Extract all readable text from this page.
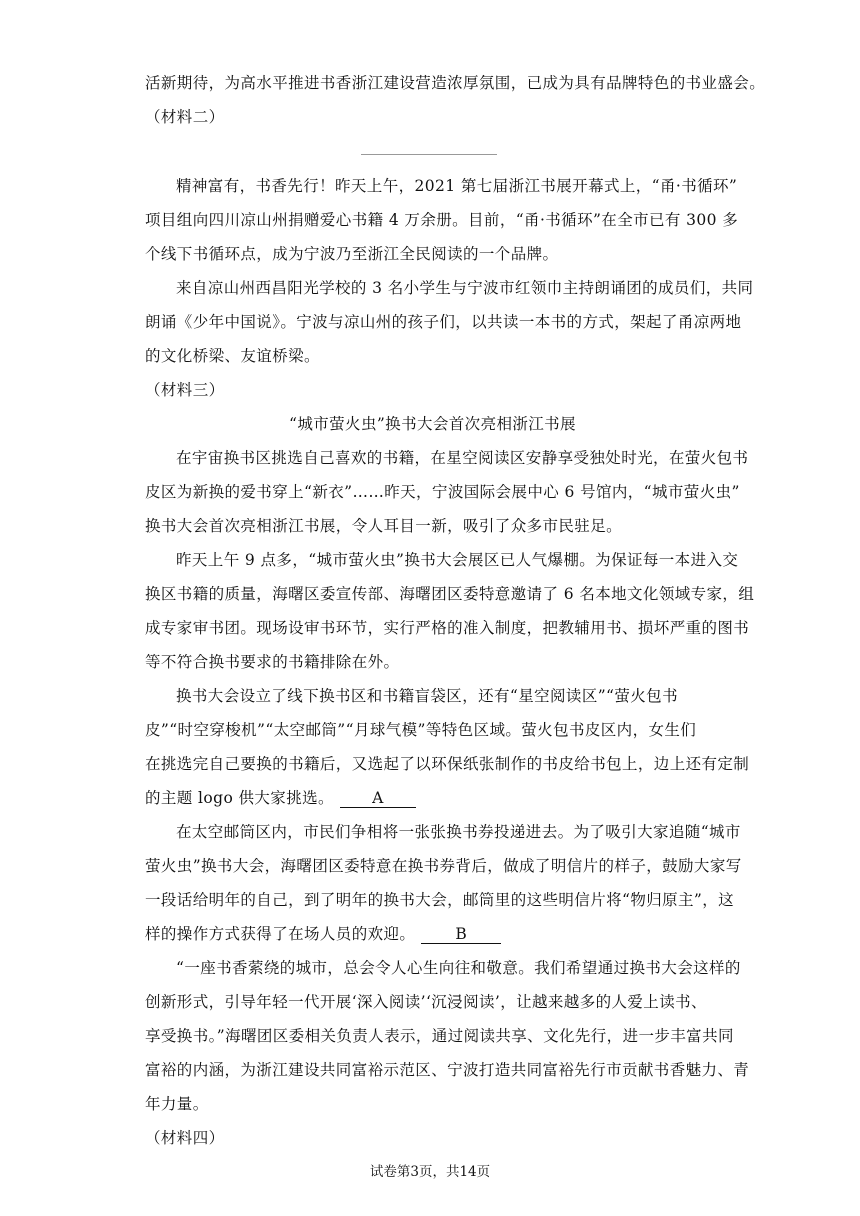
活新期待，为高水平推进书香浙江建设营造浓厚氛围，已成为具有品牌特色的书业盛会。
（材料二）
精神富有，书香先行！昨天上午，2021 第七届浙江书展开幕式上，“甬·书循环”
项目组向四川凉山州捐赠爱心书籍 4 万余册。目前，“甬·书循环”在全市已有 300 多
个线下书循环点，成为宁波乃至浙江全民阅读的一个品牌。
来自凉山州西昌阳光学校的 3 名小学生与宁波市红领巾主持朗诵团的成员们，共同
朗诵《少年中国说》。宁波与凉山州的孩子们，以共读一本书的方式，架起了甬凉两地
的文化桥梁、友谊桥梁。
（材料三）
“城市萤火虫”换书大会首次亮相浙江书展
在宇宙换书区挑选自己喜欢的书籍，在星空阅读区安静享受独处时光，在萤火包书
皮区为新换的爱书穿上“新衣”……昨天，宁波国际会展中心 6 号馆内，“城市萤火虫”
换书大会首次亮相浙江书展，令人耳目一新，吸引了众多市民驻足。
昨天上午 9 点多，“城市萤火虫”换书大会展区已人气爆棚。为保证每一本进入交
换区书籍的质量，海曙区委宣传部、海曙团区委特意邀请了 6 名本地文化领域专家，组
成专家审书团。现场设审书环节，实行严格的准入制度，把教辅用书、损坏严重的图书
等不符合换书要求的书籍排除在外。
换书大会设立了线下换书区和书籍盲袋区，还有“星空阅读区”“萤火包书
皮”“时空穿梭机”“太空邮筒”“月球气模”等特色区域。萤火包书皮区内，女生们
在挑选完自己要换的书籍后，又选起了以环保纸张制作的书皮给书包上，边上还有定制
的主题 logo 供大家挑选。 A
在太空邮筒区内，市民们争相将一张张换书券投递进去。为了吸引大家追随“城市
萤火虫”换书大会，海曙团区委特意在换书券背后，做成了明信片的样子，鼓励大家写
一段话给明年的自己，到了明年的换书大会，邮筒里的这些明信片将“物归原主”，这
样的操作方式获得了在场人员的欢迎。	B
“一座书香萦绕的城市，总会令人心生向往和敬意。我们希望通过换书大会这样的
创新形式，引导年轻一代开展‘深入阅读’‘沉浸阅读’，让越来越多的人爱上读书、
享受换书。”海曙团区委相关负责人表示，通过阅读共享、文化先行，进一步丰富共同
富裕的内涵，为浙江建设共同富裕示范区、宁波打造共同富裕先行市贡献书香魅力、青
年力量。
（材料四）
试卷第3页，共14页
